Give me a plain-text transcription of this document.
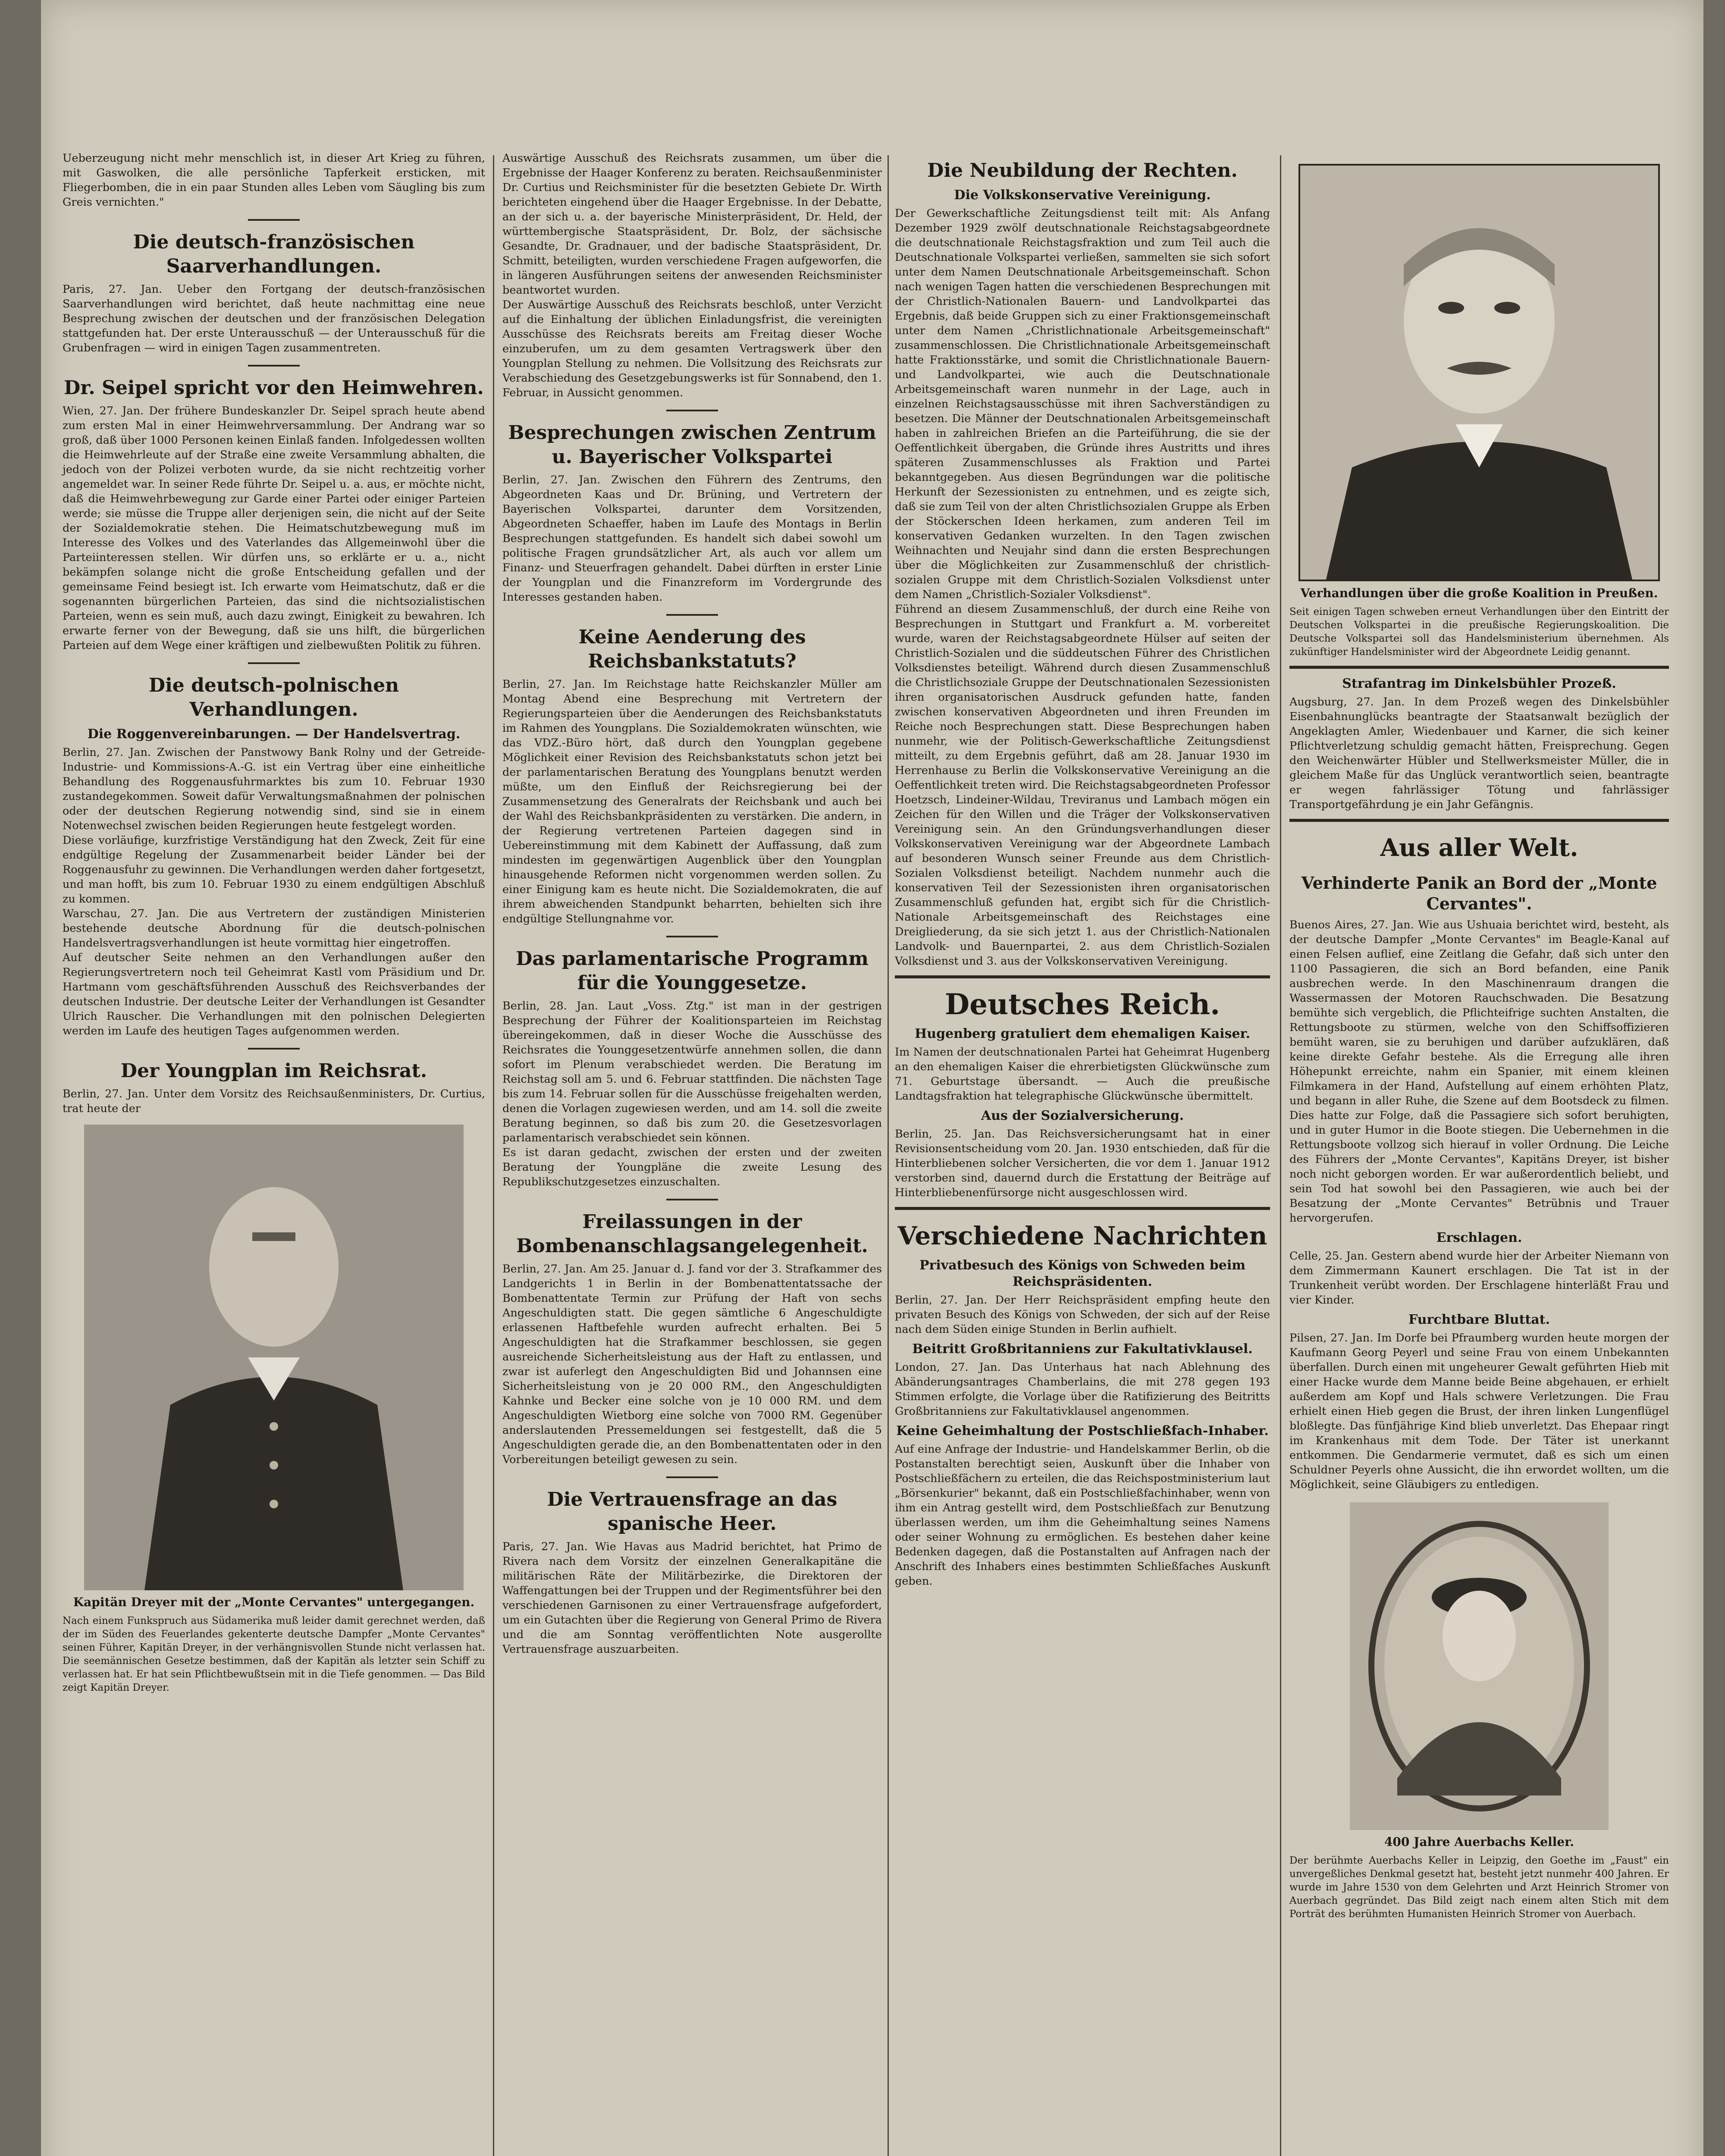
Ueberzeugung nicht mehr menschlich ist, in dieser Art Krieg zu führen, mit Gaswolken, die alle persönliche Tapferkeit ersticken, mit Fliegerbomben, die in ein paar Stunden alles Leben vom Säugling bis zum Greis vernichten."

Die deutsch-französischen Saarverhandlungen.

Paris, 27. Jan. Ueber den Fortgang der deutsch-französischen Saarverhandlungen wird berichtet, daß heute nachmittag eine neue Besprechung zwischen der deutschen und der französischen Delegation stattgefunden hat. Der erste Unterausschuß — der Unterausschuß für die Grubenfragen — wird in einigen Tagen zusammentreten.

Dr. Seipel spricht vor den Heimwehren.

Wien, 27. Jan. Der frühere Bundeskanzler Dr. Seipel sprach heute abend zum ersten Mal in einer Heimwehrversammlung. Der Andrang war so groß, daß über 1000 Personen keinen Einlaß fanden. Infolgedessen wollten die Heimwehrleute auf der Straße eine zweite Versammlung abhalten, die jedoch von der Polizei verboten wurde, da sie nicht rechtzeitig vorher angemeldet war. In seiner Rede führte Dr. Seipel u. a. aus, er möchte nicht, daß die Heimwehrbewegung zur Garde einer Partei oder einiger Parteien werde; sie müsse die Truppe aller derjenigen sein, die nicht auf der Seite der Sozialdemokratie stehen. Die Heimatschutzbewegung muß im Interesse des Volkes und des Vaterlandes das Allgemeinwohl über die Parteiinteressen stellen. Wir dürfen uns, so erklärte er u. a., nicht bekämpfen solange nicht die große Entscheidung gefallen und der gemeinsame Feind besiegt ist. Ich erwarte vom Heimatschutz, daß er die sogenannten bürgerlichen Parteien, das sind die nichtsozialistischen Parteien, wenn es sein muß, auch dazu zwingt, Einigkeit zu bewahren. Ich erwarte ferner von der Bewegung, daß sie uns hilft, die bürgerlichen Parteien auf dem Wege einer kräftigen und zielbewußten Politik zu führen.

Die deutsch-polnischen Verhandlungen.
Die Roggenvereinbarungen. — Der Handelsvertrag.

Berlin, 27. Jan. Zwischen der Panstwowy Bank Rolny und der Getreide-Industrie- und Kommissions-A.-G. ist ein Vertrag über eine einheitliche Behandlung des Roggenausfuhrmarktes bis zum 10. Februar 1930 zustandegekommen. Soweit dafür Verwaltungsmaßnahmen der polnischen oder der deutschen Regierung notwendig sind, sind sie in einem Notenwechsel zwischen beiden Regierungen heute festgelegt worden.

Diese vorläufige, kurzfristige Verständigung hat den Zweck, Zeit für eine endgültige Regelung der Zusammenarbeit beider Länder bei der Roggenausfuhr zu gewinnen. Die Verhandlungen werden daher fortgesetzt, und man hofft, bis zum 10. Februar 1930 zu einem endgültigen Abschluß zu kommen.

Warschau, 27. Jan. Die aus Vertretern der zuständigen Ministerien bestehende deutsche Abordnung für die deutsch-polnischen Handelsvertragsverhandlungen ist heute vormittag hier eingetroffen.

Auf deutscher Seite nehmen an den Verhandlungen außer den Regierungsvertretern noch teil Geheimrat Kastl vom Präsidium und Dr. Hartmann vom geschäftsführenden Ausschuß des Reichsverbandes der deutschen Industrie. Der deutsche Leiter der Verhandlungen ist Gesandter Ulrich Rauscher. Die Verhandlungen mit den polnischen Delegierten werden im Laufe des heutigen Tages aufgenommen werden.

Der Youngplan im Reichsrat.

Berlin, 27. Jan. Unter dem Vorsitz des Reichsaußenministers, Dr. Curtius, trat heute der

Kapitän Dreyer mit der „Monte Cervantes" untergegangen.

Nach einem Funkspruch aus Südamerika muß leider damit gerechnet werden, daß der im Süden des Feuerlandes gekenterte deutsche Dampfer „Monte Cervantes" seinen Führer, Kapitän Dreyer, in der verhängnisvollen Stunde nicht verlassen hat. Die seemännischen Gesetze bestimmen, daß der Kapitän als letzter sein Schiff zu verlassen hat. Er hat sein Pflichtbewußtsein mit in die Tiefe genommen. — Das Bild zeigt Kapitän Dreyer.

Auswärtige Ausschuß des Reichsrats zusammen, um über die Ergebnisse der Haager Konferenz zu beraten. Reichsaußenminister Dr. Curtius und Reichsminister für die besetzten Gebiete Dr. Wirth berichteten eingehend über die Haager Ergebnisse. In der Debatte, an der sich u. a. der bayerische Ministerpräsident, Dr. Held, der württembergische Staatspräsident, Dr. Bolz, der sächsische Gesandte, Dr. Gradnauer, und der badische Staatspräsident, Dr. Schmitt, beteiligten, wurden verschiedene Fragen aufgeworfen, die in längeren Ausführungen seitens der anwesenden Reichsminister beantwortet wurden.

Der Auswärtige Ausschuß des Reichsrats beschloß, unter Verzicht auf die Einhaltung der üblichen Einladungsfrist, die vereinigten Ausschüsse des Reichsrats bereits am Freitag dieser Woche einzuberufen, um zu dem gesamten Vertragswerk über den Youngplan Stellung zu nehmen. Die Vollsitzung des Reichsrats zur Verabschiedung des Gesetzgebungswerks ist für Sonnabend, den 1. Februar, in Aussicht genommen.

Besprechungen zwischen Zentrum u. Bayerischer Volkspartei

Berlin, 27. Jan. Zwischen den Führern des Zentrums, den Abgeordneten Kaas und Dr. Brüning, und Vertretern der Bayerischen Volkspartei, darunter dem Vorsitzenden, Abgeordneten Schaeffer, haben im Laufe des Montags in Berlin Besprechungen stattgefunden. Es handelt sich dabei sowohl um politische Fragen grundsätzlicher Art, als auch vor allem um Finanz- und Steuerfragen gehandelt. Dabei dürften in erster Linie der Youngplan und die Finanzreform im Vordergrunde des Interesses gestanden haben.

Keine Aenderung des Reichsbankstatuts?

Berlin, 27. Jan. Im Reichstage hatte Reichskanzler Müller am Montag Abend eine Besprechung mit Vertretern der Regierungsparteien über die Aenderungen des Reichsbankstatuts im Rahmen des Youngplans. Die Sozialdemokraten wünschten, wie das VDZ.-Büro hört, daß durch den Youngplan gegebene Möglichkeit einer Revision des Reichsbankstatuts schon jetzt bei der parlamentarischen Beratung des Youngplans benutzt werden müßte, um den Einfluß der Reichsregierung bei der Zusammensetzung des Generalrats der Reichsbank und auch bei der Wahl des Reichsbankpräsidenten zu verstärken. Die andern, in der Regierung vertretenen Parteien dagegen sind in Uebereinstimmung mit dem Kabinett der Auffassung, daß zum mindesten im gegenwärtigen Augenblick über den Youngplan hinausgehende Reformen nicht vorgenommen werden sollen. Zu einer Einigung kam es heute nicht. Die Sozialdemokraten, die auf ihrem abweichenden Standpunkt beharrten, behielten sich ihre endgültige Stellungnahme vor.

Das parlamentarische Programm für die Younggesetze.

Berlin, 28. Jan. Laut „Voss. Ztg." ist man in der gestrigen Besprechung der Führer der Koalitionsparteien im Reichstag übereingekommen, daß in dieser Woche die Ausschüsse des Reichsrates die Younggesetzentwürfe annehmen sollen, die dann sofort im Plenum verabschiedet werden. Die Beratung im Reichstag soll am 5. und 6. Februar stattfinden. Die nächsten Tage bis zum 14. Februar sollen für die Ausschüsse freigehalten werden, denen die Vorlagen zugewiesen werden, und am 14. soll die zweite Beratung beginnen, so daß bis zum 20. die Gesetzesvorlagen parlamentarisch verabschiedet sein können.

Es ist daran gedacht, zwischen der ersten und der zweiten Beratung der Youngpläne die zweite Lesung des Republikschutzgesetzes einzuschalten.

Freilassungen in der Bombenanschlagsangelegenheit.

Berlin, 27. Jan. Am 25. Januar d. J. fand vor der 3. Strafkammer des Landgerichts 1 in Berlin in der Bombenattentatssache der Bombenattentate Termin zur Prüfung der Haft von sechs Angeschuldigten statt. Die gegen sämtliche 6 Angeschuldigte erlassenen Haftbefehle wurden aufrecht erhalten. Bei 5 Angeschuldigten hat die Strafkammer beschlossen, sie gegen ausreichende Sicherheitsleistung aus der Haft zu entlassen, und zwar ist auferlegt den Angeschuldigten Bid und Johannsen eine Sicherheitsleistung von je 20 000 RM., den Angeschuldigten Kahnke und Becker eine solche von je 10 000 RM. und dem Angeschuldigten Wietborg eine solche von 7000 RM. Gegenüber anderslautenden Pressemeldungen sei festgestellt, daß die 5 Angeschuldigten gerade die, an den Bombenattentaten oder in den Vorbereitungen beteiligt gewesen zu sein.

Die Vertrauensfrage an das spanische Heer.

Paris, 27. Jan. Wie Havas aus Madrid berichtet, hat Primo de Rivera nach dem Vorsitz der einzelnen Generalkapitäne die militärischen Räte der Militärbezirke, die Direktoren der Waffengattungen bei der Truppen und der Regimentsführer bei den verschiedenen Garnisonen zu einer Vertrauensfrage aufgefordert, um ein Gutachten über die Regierung von General Primo de Rivera und die am Sonntag veröffentlichten Note ausgerollte Vertrauensfrage auszuarbeiten.

Die Neubildung der Rechten.
Die Volkskonservative Vereinigung.

Der Gewerkschaftliche Zeitungsdienst teilt mit: Als Anfang Dezember 1929 zwölf deutschnationale Reichstagsabgeordnete die deutschnationale Reichstagsfraktion und zum Teil auch die Deutschnationale Volkspartei verließen, sammelten sie sich sofort unter dem Namen Deutschnationale Arbeitsgemeinschaft. Schon nach wenigen Tagen hatten die verschiedenen Besprechungen mit der Christlich-Nationalen Bauern- und Landvolkpartei das Ergebnis, daß beide Gruppen sich zu einer Fraktionsgemeinschaft unter dem Namen „Christlichnationale Arbeitsgemeinschaft" zusammenschlossen. Die Christlichnationale Arbeitsgemeinschaft hatte Fraktionsstärke, und somit die Christlichnationale Bauern- und Landvolkpartei, wie auch die Deutschnationale Arbeitsgemeinschaft waren nunmehr in der Lage, auch in einzelnen Reichstagsausschüsse mit ihren Sachverständigen zu besetzen. Die Männer der Deutschnationalen Arbeitsgemeinschaft haben in zahlreichen Briefen an die Parteiführung, die sie der Oeffentlichkeit übergaben, die Gründe ihres Austritts und ihres späteren Zusammenschlusses als Fraktion und Partei bekanntgegeben. Aus diesen Begründungen war die politische Herkunft der Sezessionisten zu entnehmen, und es zeigte sich, daß sie zum Teil von der alten Christlichsozialen Gruppe als Erben der Stöckerschen Ideen herkamen, zum anderen Teil im konservativen Gedanken wurzelten. In den Tagen zwischen Weihnachten und Neujahr sind dann die ersten Besprechungen über die Möglichkeiten zur Zusammenschluß der christlich-sozialen Gruppe mit dem Christlich-Sozialen Volksdienst unter dem Namen „Christlich-Sozialer Volksdienst".

Führend an diesem Zusammenschluß, der durch eine Reihe von Besprechungen in Stuttgart und Frankfurt a. M. vorbereitet wurde, waren der Reichstagsabgeordnete Hülser auf seiten der Christlich-Sozialen und die süddeutschen Führer des Christlichen Volksdienstes beteiligt. Während durch diesen Zusammenschluß die Christlichsoziale Gruppe der Deutschnationalen Sezessionisten ihren organisatorischen Ausdruck gefunden hatte, fanden zwischen konservativen Abgeordneten und ihren Freunden im Reiche noch Besprechungen statt. Diese Besprechungen haben nunmehr, wie der Politisch-Gewerkschaftliche Zeitungsdienst mitteilt, zu dem Ergebnis geführt, daß am 28. Januar 1930 im Herrenhause zu Berlin die Volkskonservative Vereinigung an die Oeffentlichkeit treten wird. Die Reichstagsabgeordneten Professor Hoetzsch, Lindeiner-Wildau, Treviranus und Lambach mögen ein Zeichen für den Willen und die Träger der Volkskonservativen Vereinigung sein. An den Gründungsverhandlungen dieser Volkskonservativen Vereinigung war der Abgeordnete Lambach auf besonderen Wunsch seiner Freunde aus dem Christlich-Sozialen Volksdienst beteiligt. Nachdem nunmehr auch die konservativen Teil der Sezessionisten ihren organisatorischen Zusammenschluß gefunden hat, ergibt sich für die Christlich-Nationale Arbeitsgemeinschaft des Reichstages eine Dreigliederung, da sie sich jetzt 1. aus der Christlich-Nationalen Landvolk- und Bauernpartei, 2. aus dem Christlich-Sozialen Volksdienst und 3. aus der Volkskonservativen Vereinigung.

Deutsches Reich.
Hugenberg gratuliert dem ehemaligen Kaiser.

Im Namen der deutschnationalen Partei hat Geheimrat Hugenberg an den ehemaligen Kaiser die ehrerbietigsten Glückwünsche zum 71. Geburtstage übersandt. — Auch die preußische Landtagsfraktion hat telegraphische Glückwünsche übermittelt.

Aus der Sozialversicherung.

Berlin, 25. Jan. Das Reichsversicherungsamt hat in einer Revisionsentscheidung vom 20. Jan. 1930 entschieden, daß für die Hinterbliebenen solcher Versicherten, die vor dem 1. Januar 1912 verstorben sind, dauernd durch die Erstattung der Beiträge auf Hinterbliebenenfürsorge nicht ausgeschlossen wird.

Verschiedene Nachrichten
Privatbesuch des Königs von Schweden beim Reichspräsidenten.

Berlin, 27. Jan. Der Herr Reichspräsident empfing heute den privaten Besuch des Königs von Schweden, der sich auf der Reise nach dem Süden einige Stunden in Berlin aufhielt.

Beitritt Großbritanniens zur Fakultativklausel.

London, 27. Jan. Das Unterhaus hat nach Ablehnung des Abänderungsantrages Chamberlains, die mit 278 gegen 193 Stimmen erfolgte, die Vorlage über die Ratifizierung des Beitritts Großbritanniens zur Fakultativklausel angenommen.

Keine Geheimhaltung der Postschließfach-Inhaber.

Auf eine Anfrage der Industrie- und Handelskammer Berlin, ob die Postanstalten berechtigt seien, Auskunft über die Inhaber von Postschließfächern zu erteilen, die das Reichspostministerium laut „Börsenkurier" bekannt, daß ein Postschließfachinhaber, wenn von ihm ein Antrag gestellt wird, dem Postschließfach zur Benutzung überlassen werden, um ihm die Geheimhaltung seines Namens oder seiner Wohnung zu ermöglichen. Es bestehen daher keine Bedenken dagegen, daß die Postanstalten auf Anfragen nach der Anschrift des Inhabers eines bestimmten Schließfaches Auskunft geben.

Verhandlungen über die große Koalition in Preußen.

Seit einigen Tagen schweben erneut Verhandlungen über den Eintritt der Deutschen Volkspartei in die preußische Regierungskoalition. Die Deutsche Volkspartei soll das Handelsministerium übernehmen. Als zukünftiger Handelsminister wird der Abgeordnete Leidig genannt.

Strafantrag im Dinkelsbühler Prozeß.

Augsburg, 27. Jan. In dem Prozeß wegen des Dinkelsbühler Eisenbahnunglücks beantragte der Staatsanwalt bezüglich der Angeklagten Amler, Wiedenbauer und Karner, die sich keiner Pflichtverletzung schuldig gemacht hätten, Freisprechung. Gegen den Weichenwärter Hübler und Stellwerksmeister Müller, die in gleichem Maße für das Unglück verantwortlich seien, beantragte er wegen fahrlässiger Tötung und fahrlässiger Transportgefährdung je ein Jahr Gefängnis.

Aus aller Welt.
Verhinderte Panik an Bord der „Monte Cervantes".

Buenos Aires, 27. Jan. Wie aus Ushuaia berichtet wird, besteht, als der deutsche Dampfer „Monte Cervantes" im Beagle-Kanal auf einen Felsen auflief, eine Zeitlang die Gefahr, daß sich unter den 1100 Passagieren, die sich an Bord befanden, eine Panik ausbrechen werde. In den Maschinenraum drangen die Wassermassen der Motoren Rauchschwaden. Die Besatzung bemühte sich vergeblich, die Pflichteifrige suchten Anstalten, die Rettungsboote zu stürmen, welche von den Schiffsoffizieren bemüht waren, sie zu beruhigen und darüber aufzuklären, daß keine direkte Gefahr bestehe. Als die Erregung alle ihren Höhepunkt erreichte, nahm ein Spanier, mit einem kleinen Filmkamera in der Hand, Aufstellung auf einem erhöhten Platz, und begann in aller Ruhe, die Szene auf dem Bootsdeck zu filmen. Dies hatte zur Folge, daß die Passagiere sich sofort beruhigten, und in guter Humor in die Boote stiegen. Die Uebernehmen in die Rettungsboote vollzog sich hierauf in voller Ordnung. Die Leiche des Führers der „Monte Cervantes", Kapitäns Dreyer, ist bisher noch nicht geborgen worden. Er war außerordentlich beliebt, und sein Tod hat sowohl bei den Passagieren, wie auch bei der Besatzung der „Monte Cervantes" Betrübnis und Trauer hervorgerufen.

Erschlagen.

Celle, 25. Jan. Gestern abend wurde hier der Arbeiter Niemann von dem Zimmermann Kaunert erschlagen. Die Tat ist in der Trunkenheit verübt worden. Der Erschlagene hinterläßt Frau und vier Kinder.

Furchtbare Bluttat.

Pilsen, 27. Jan. Im Dorfe bei Pfraumberg wurden heute morgen der Kaufmann Georg Peyerl und seine Frau von einem Unbekannten überfallen. Durch einen mit ungeheurer Gewalt geführten Hieb mit einer Hacke wurde dem Manne beide Beine abgehauen, er erhielt außerdem am Kopf und Hals schwere Verletzungen. Die Frau erhielt einen Hieb gegen die Brust, der ihren linken Lungenflügel bloßlegte. Das fünfjährige Kind blieb unverletzt. Das Ehepaar ringt im Krankenhaus mit dem Tode. Der Täter ist unerkannt entkommen. Die Gendarmerie vermutet, daß es sich um einen Schuldner Peyerls ohne Aussicht, die ihn erwordet wollten, um die Möglichkeit, seine Gläubigers zu entledigen.

400 Jahre Auerbachs Keller.

Der berühmte Auerbachs Keller in Leipzig, den Goethe im „Faust" ein unvergeßliches Denkmal gesetzt hat, besteht jetzt nunmehr 400 Jahren. Er wurde im Jahre 1530 von dem Gelehrten und Arzt Heinrich Stromer von Auerbach gegründet. Das Bild zeigt nach einem alten Stich mit dem Porträt des berühmten Humanisten Heinrich Stromer von Auerbach.
